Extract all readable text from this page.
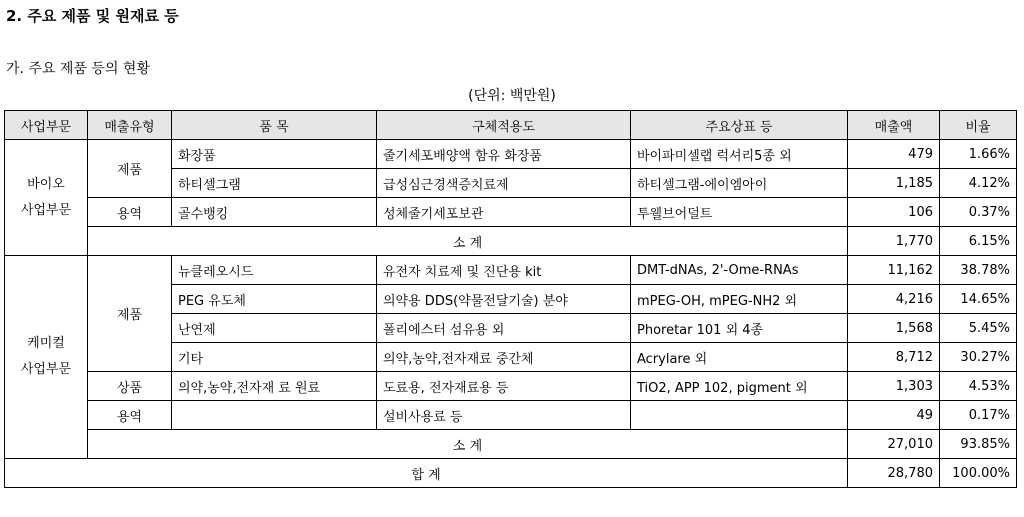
2. 주요 제품 및 원재료 등
가. 주요 제품 등의 현황
(단위: 백만원)
사업부문	매출유형	품 목	구체적용도	주요상표 등	매출액	비율

바이오
사업부문	제품	화장품	줄기세포배양액 함유 화장품	바이파미셀랩 럭셔리5종 외	479	1.66%
		하티셀그램	급성심근경색증치료제	하티셀그램-에이엠아이	1,185	4.12%
	용역	골수뱅킹	성체줄기세포보관	투웰브어덜트	106	0.37%
	소 계				1,770	6.15%

케미컬
사업부문	제품	뉴클레오시드	유전자 치료제 및 진단용 kit	DMT-dNAs, 2'-Ome-RNAs	11,162	38.78%
		PEG 유도체	의약용 DDS(약물전달기술) 분야	mPEG-OH, mPEG-NH2 외	4,216	14.65%
		난연제	폴리에스터 섬유용 외	Phoretar 101 외 4종	1,568	5.45%
		기타	의약,농약,전자재료 중간체	Acrylare 외	8,712	30.27%
	상품	의약,농약,전자재 료 원료	도료용, 전자재료용 등	TiO2, APP 102, pigment 외	1,303	4.53%
	용역		설비사용료 등		49	0.17%
	소 계				27,010	93.85%
합 계					28,780	100.00%
